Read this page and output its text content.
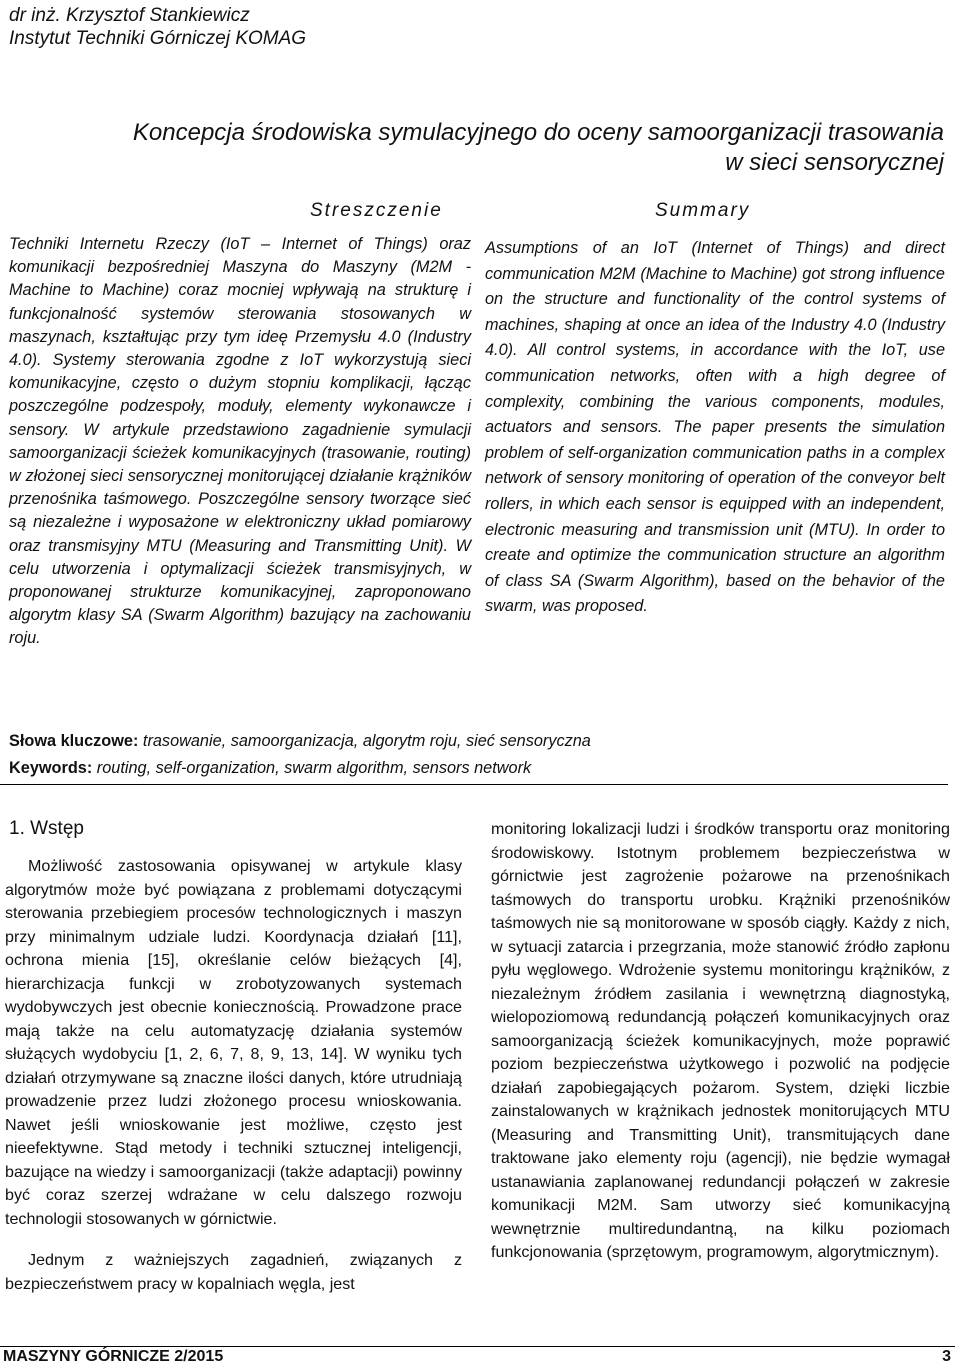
dr inż. Krzysztof Stankiewicz
Instytut Techniki Górniczej KOMAG
Koncepcja środowiska symulacyjnego do oceny samoorganizacji trasowania
w sieci sensorycznej
Streszczenie
Techniki Internetu Rzeczy (IoT – Internet of Things) oraz komunikacji bezpośredniej Maszyna do Maszyny (M2M - Machine to Machine) coraz mocniej wpływają na strukturę i funkcjonalność systemów sterowania stosowanych w maszynach, kształtując przy tym ideę Przemysłu 4.0 (Industry 4.0). Systemy sterowania zgodne z IoT wykorzystują sieci komunikacyjne, często o dużym stopniu komplikacji, łącząc poszczególne podzespoły, moduły, elementy wykonawcze i sensory. W artykule przedstawiono zagadnienie symulacji samoorganizacji ścieżek komunikacyjnych (trasowanie, routing) w złożonej sieci sensorycznej monitorującej działanie krążników przenośnika taśmowego. Poszczególne sensory tworzące sieć są niezależne i wyposażone w elektroniczny układ pomiarowy oraz transmisyjny MTU (Measuring and Transmitting Unit). W celu utworzenia i optymalizacji ścieżek transmisyjnych, w proponowanej strukturze komunikacyjnej, zaproponowano algorytm klasy SA (Swarm Algorithm) bazujący na zachowaniu roju.
Summary
Assumptions of an IoT (Internet of Things) and direct communication M2M (Machine to Machine) got strong influence on the structure and functionality of the control systems of machines, shaping at once an idea of the Industry 4.0 (Industry 4.0). All control systems, in accordance with the IoT, use communication networks, often with a high degree of complexity, combining the various components, modules, actuators and sensors. The paper presents the simulation problem of self-organization communication paths in a complex network of sensory monitoring of operation of the conveyor belt rollers, in which each sensor is equipped with an independent, electronic measuring and transmission unit (MTU). In order to create and optimize the communication structure an algorithm of class SA (Swarm Algorithm), based on the behavior of the swarm, was proposed.
Słowa kluczowe: trasowanie, samoorganizacja, algorytm roju, sieć sensoryczna
Keywords: routing, self-organization, swarm algorithm, sensors network
1. Wstęp

Możliwość zastosowania opisywanej w artykule klasy algorytmów może być powiązana z problemami dotyczącymi sterowania przebiegiem procesów technologicznych i maszyn przy minimalnym udziale ludzi. Koordynacja działań [11], ochrona mienia [15], określanie celów bieżących [4], hierarchizacja funkcji w zrobotyzowanych systemach wydobywczych jest obecnie koniecznością. Prowadzone prace mają także na celu automatyzację działania systemów służących wydobyciu [1, 2, 6, 7, 8, 9, 13, 14]. W wyniku tych działań otrzymywane są znaczne ilości danych, które utrudniają prowadzenie przez ludzi złożonego procesu wnioskowania. Nawet jeśli wnioskowanie jest możliwe, często jest nieefektywne. Stąd metody i techniki sztucznej inteligencji, bazujące na wiedzy i samoorganizacji (także adaptacji) powinny być coraz szerzej wdrażane w celu dalszego rozwoju technologii stosowanych w górnictwie.

Jednym z ważniejszych zagadnień, związanych z bezpieczeństwem pracy w kopalniach węgla, jest

monitoring lokalizacji ludzi i środków transportu oraz monitoring środowiskowy. Istotnym problemem bezpieczeństwa w górnictwie jest zagrożenie pożarowe na przenośnikach taśmowych do transportu urobku. Krążniki przenośników taśmowych nie są monitorowane w sposób ciągły. Każdy z nich, w sytuacji zatarcia i przegrzania, może stanowić źródło zapłonu pyłu węglowego. Wdrożenie systemu monitoringu krążników, z niezależnym źródłem zasilania i wewnętrzną diagnostyką, wielopoziomową redundancją połączeń komunikacyjnych oraz samoorganizacją ścieżek komunikacyjnych, może poprawić poziom bezpieczeństwa użytkowego i pozwolić na podjęcie działań zapobiegających pożarom. System, dzięki liczbie zainstalowanych w krążnikach jednostek monitorujących MTU (Measuring and Transmitting Unit), transmitujących dane traktowane jako elementy roju (agencji), nie będzie wymagał ustanawiania zaplanowanej redundancji połączeń w zakresie komunikacji M2M. Sam utworzy sieć komunikacyjną wewnętrznie multiredundantną, na kilku poziomach funkcjonowania (sprzętowym, programowym, algorytmicznym).

MASZYNY GÓRNICZE 2/2015	3
